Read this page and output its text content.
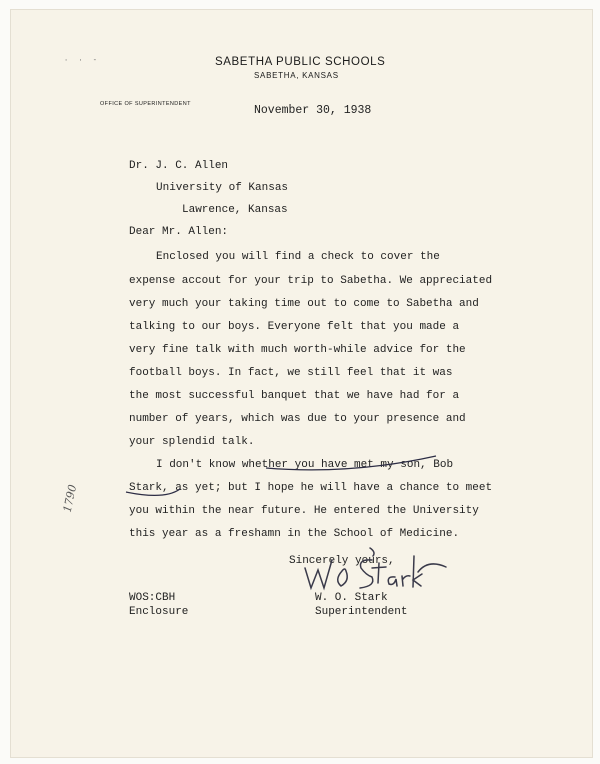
· · -	SABETHA PUBLIC SCHOOLS
SABETHA, KANSAS
OFFICE OF SUPERINTENDENT	November 30, 1938
Dr. J. C. Allen
University of Kansas
Lawrence, Kansas
Dear Mr. Allen:
Enclosed you will find a check to cover the
expense accout for your trip to Sabetha. We appreciated
very much your taking time out to come to Sabetha and
talking to our boys. Everyone felt that you made a
very fine talk with much worth-while advice for the
football boys. In fact, we still feel that it was
the most successful banquet that we have had for a
number of years, which was due to your presence and
your splendid talk.
I don't know whether you have met my son, Bob
Stark, as yet; but I hope he will have a chance to meet
you within the near future. He entered the University
this year as a freshamn in the School of Medicine.
Sincerely yours,
WOS:CBH
Enclosure
W. O. Stark
Superintendent
1790
